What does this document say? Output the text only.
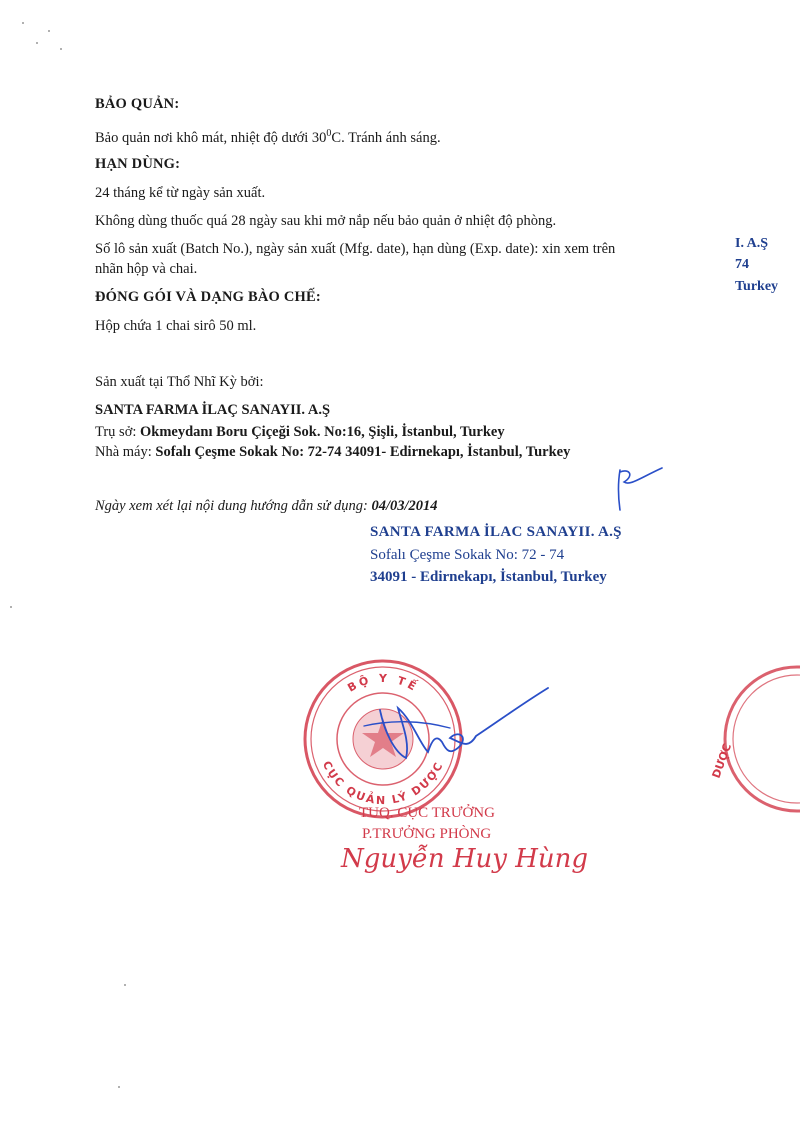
BẢO QUẢN:
Bảo quản nơi khô mát, nhiệt độ dưới $30^0C$. Tránh ánh sáng.
HẠN DÙNG:
24 tháng kể từ ngày sản xuất.
Không dùng thuốc quá 28 ngày sau khi mở nắp nếu bảo quản ở nhiệt độ phòng.
Số lô sản xuất (Batch No.), ngày sản xuất (Mfg. date), hạn dùng (Exp. date): xin xem trên
nhãn hộp và chai.
ĐÓNG GÓI VÀ DẠNG BÀO CHẾ:
Hộp chứa 1 chai sirô 50 ml.
Sản xuất tại Thổ Nhĩ Kỳ bởi:
SANTA FARMA İLAÇ SANAYII. A.Ş
Trụ sở: Okmeydanı Boru Çiçeği Sok. No:16, Şişli, İstanbul, Turkey
Nhà máy: Sofalı Çeşme Sokak No: 72-74 34091- Edirnekapı, İstanbul, Turkey
Ngày xem xét lại nội dung hướng dẫn sử dụng: 04/03/2014
I. A.Ş
74
Turkey
SANTA FARMA İLAC SANAYII. A.Ş
Sofalı Çeşme Sokak No: 72 - 74
34091 - Edirnekapı, İstanbul, Turkey
BỘ Y TẾ
CỤC QUẢN LÝ DƯỢC	DƯỢC
TUQ. CỤC TRƯỞNG
P.TRƯỞNG PHÒNG
Nguyễn Huy Hùng
